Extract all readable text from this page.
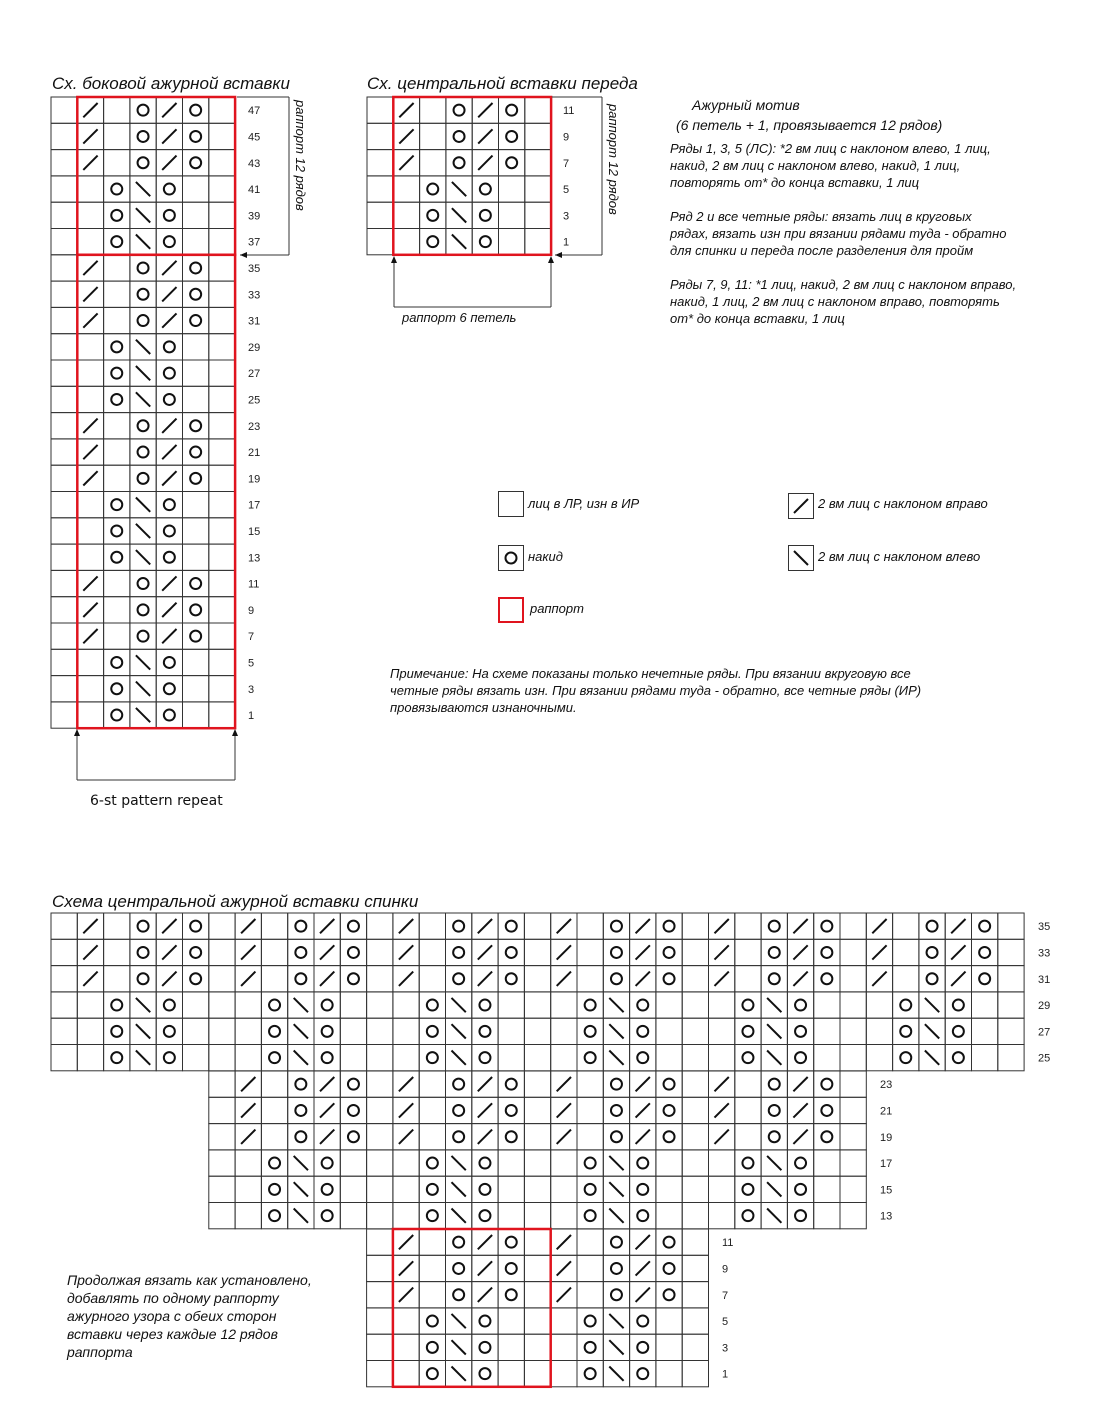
Сх. боковой ажурной вставки	Сх. центральной вставки переда
Схема центральной ажурной вставки спинки
47
45
43
41
39
37
35
33
31
29
27
25
23
21
19
17
15
13
11
9
7
5
3
1
11
9
7
5
3
1
35
33
31
29
27
25
23
21
19
17
15
13
11
9
7
5
3
1
раппорт 12 рядов
6-st pattern repeat
раппорт 12 рядов
раппорт 6 петель

Ажурный мотив

(6 петель + 1, провязывается 12 рядов)

Ряды 1, 3, 5 (ЛС): *2 вм лиц с наклоном влево, 1 лиц,

накид, 2 вм лиц с наклоном влево, накид, 1 лиц,

повторять от* до конца вставки, 1 лиц

Ряд 2 и все четные ряды: вязать лиц в круговых

рядах, вязать изн при вязании рядами туда - обратно

для спинки и переда после разделения для пройм

Ряды 7, 9, 11: *1 лиц, накид, 2 вм лиц с наклоном вправо,

накид, 1 лиц, 2 вм лиц с наклоном вправо, повторять

от* до конца вставки, 1 лиц

лиц в ЛР, изн в ИР
накид
раппорт
2 вм лиц с наклоном вправо
2 вм лиц с наклоном влево

Примечание: На схеме показаны только нечетные ряды. При вязании вкруговую все

четные ряды вязать изн. При вязании рядами туда - обратно, все четные ряды (ИР)

провязываются изнаночными.

Продолжая вязать как установлено,

добавлять по одному раппорту

ажурного узора с обеих сторон

вставки через каждые 12 рядов

раппорта
